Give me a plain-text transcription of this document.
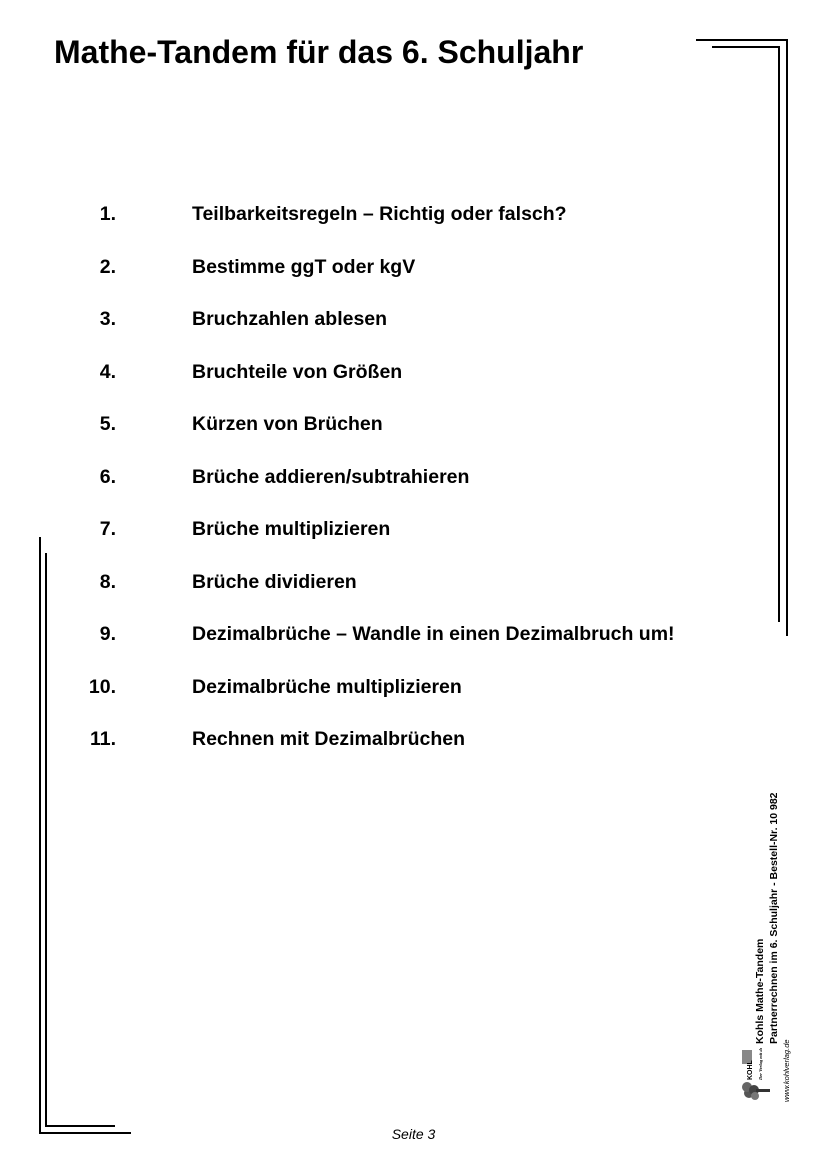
Mathe-Tandem für das 6. Schuljahr
1.	Teilbarkeitsregeln – Richtig oder falsch?
2.	Bestimme ggT oder kgV
3.	Bruchzahlen ablesen
4.	Bruchteile von Größen
5.	Kürzen von Brüchen
6.	Brüche addieren/subtrahieren
7.	Brüche multiplizieren
8.	Brüche dividieren
9.	Dezimalbrüche – Wandle in einen Dezimalbruch um!
10.	Dezimalbrüche multiplizieren
11.	Rechnen mit Dezimalbrüchen
KOHL Der Verlag mit dem Baum	www.kohlverlag.de
Kohls Mathe-Tandem Partnerrechnen im 6. Schuljahr - Bestell-Nr. 10 982
Seite 3
